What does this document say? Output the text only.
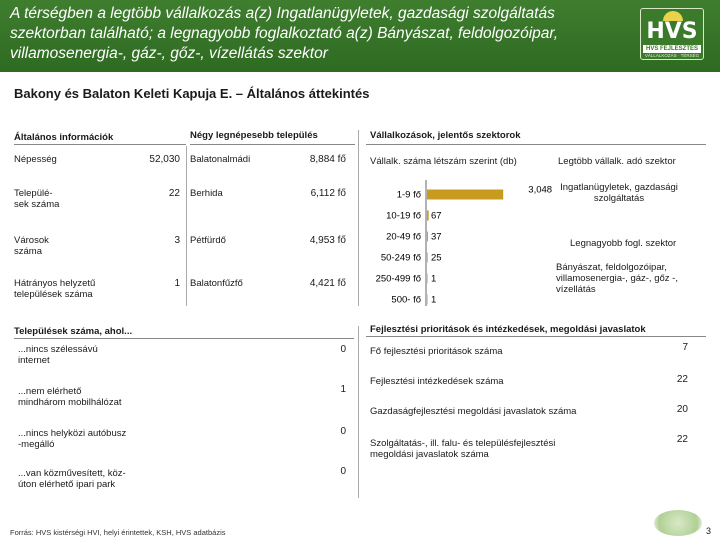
A térségben a legtöbb vállalkozás a(z) Ingatlanügyletek, gazdasági szolgáltatás szektorban található; a legnagyobb foglalkoztató a(z) Bányászat, feldolgozóipar, villamosenergia-, gáz-, gőz-, vízellátás szektor
HVS
HVS FEJLESZTÉS
VÁLLALKOZÁS · TÉRSÉG
Bakony és Balaton Keleti Kapuja E. – Általános áttekintés
Általános információk
Népesség	52,030
Települé-
sek száma
22
Városok
száma
3
Hátrányos helyzetű
települések száma
1
Négy legnépesebb település
Balatonalmádi	8,884 fő
Berhida	6,112 fő
Pétfürdő	4,953 fő
Balatonfűzfő	4,421 fő
Vállalkozások, jelentős szektorok
Vállalk. száma létszám szerint (db)
1-9 fő	3,048
10-19 fő 67
20-49 fő 37
50-249 fő 25
250-499 fő 1
500- fő 1
Legtöbb vállalk. adó szektor
Ingatlanügyletek, gazdasági szolgáltatás
Legnagyobb fogl. szektor
Bányászat, feldolgozóipar, villamosenergia-, gáz-, gőz -, vízellátás
Települések száma, ahol...
...nincs szélessávú
internet
0
...nem elérhető
mindhárom mobilhálózat
1
...nincs helyközi autóbusz
-megálló
0
...van közművesített, köz-
úton elérhető ipari park
0
Fejlesztési prioritások és intézkedések, megoldási javaslatok
Fő fejlesztési prioritások száma	7
Fejlesztési intézkedések száma	22
Gazdaságfejlesztési megoldási javaslatok száma	20
Szolgáltatás-, ill. falu- és településfejlesztési
megoldási javaslatok száma
22
Forrás: HVS kistérségi HVI, helyi érintettek, KSH, HVS adatbázis	3
